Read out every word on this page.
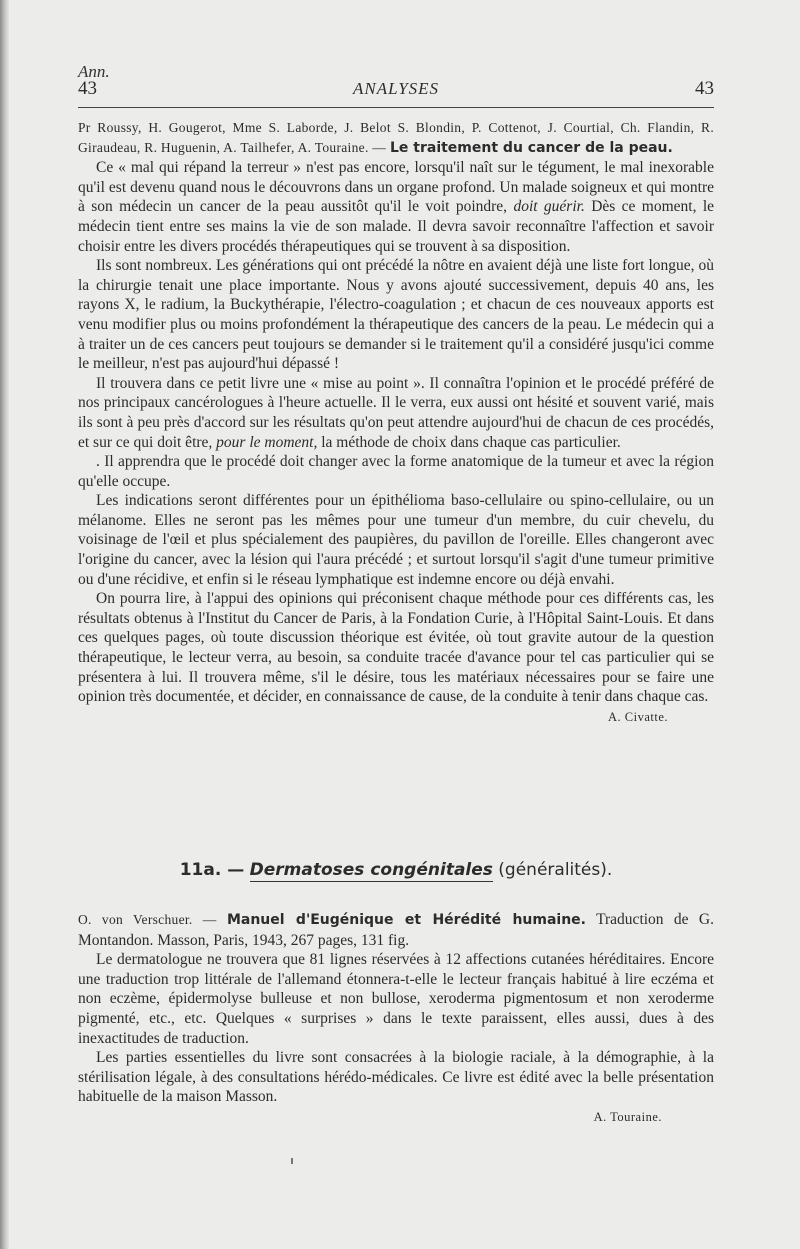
Ann.
43	ANALYSES	43

Pr Roussy, H. Gougerot, Mme S. Laborde, J. Belot S. Blondin, P. Cottenot, J. Courtial, Ch. Flandin, R. Giraudeau, R. Huguenin, A. Tailhefer, A. Touraine. — Le traitement du cancer de la peau.

Ce « mal qui répand la terreur » n'est pas encore, lorsqu'il naît sur le tégument, le mal inexorable qu'il est devenu quand nous le découvrons dans un organe profond. Un malade soigneux et qui montre à son médecin un cancer de la peau aussitôt qu'il le voit poindre, doit guérir. Dès ce moment, le médecin tient entre ses mains la vie de son malade. Il devra savoir reconnaître l'affection et savoir choisir entre les divers procédés thérapeutiques qui se trouvent à sa disposition.

Ils sont nombreux. Les générations qui ont précédé la nôtre en avaient déjà une liste fort longue, où la chirurgie tenait une place importante. Nous y avons ajouté successivement, depuis 40 ans, les rayons X, le radium, la Buckythérapie, l'électro-coagulation ; et chacun de ces nouveaux apports est venu modifier plus ou moins profondément la thérapeutique des cancers de la peau. Le médecin qui a à traiter un de ces cancers peut toujours se demander si le traitement qu'il a considéré jusqu'ici comme le meilleur, n'est pas aujourd'hui dépassé !

Il trouvera dans ce petit livre une « mise au point ». Il connaîtra l'opinion et le procédé préféré de nos principaux cancérologues à l'heure actuelle. Il le verra, eux aussi ont hésité et souvent varié, mais ils sont à peu près d'accord sur les résultats qu'on peut attendre aujourd'hui de chacun de ces procédés, et sur ce qui doit être, pour le moment, la méthode de choix dans chaque cas particulier.

. Il apprendra que le procédé doit changer avec la forme anatomique de la tumeur et avec la région qu'elle occupe.

Les indications seront différentes pour un épithélioma baso-cellulaire ou spino-cellulaire, ou un mélanome. Elles ne seront pas les mêmes pour une tumeur d'un membre, du cuir chevelu, du voisinage de l'œil et plus spécialement des paupières, du pavillon de l'oreille. Elles changeront avec l'origine du cancer, avec la lésion qui l'aura précédé ; et surtout lorsqu'il s'agit d'une tumeur primitive ou d'une récidive, et enfin si le réseau lymphatique est indemne encore ou déjà envahi.

On pourra lire, à l'appui des opinions qui préconisent chaque méthode pour ces différents cas, les résultats obtenus à l'Institut du Cancer de Paris, à la Fondation Curie, à l'Hôpital Saint-Louis. Et dans ces quelques pages, où toute discussion théorique est évitée, où tout gravite autour de la question thérapeutique, le lecteur verra, au besoin, sa conduite tracée d'avance pour tel cas particulier qui se présentera à lui. Il trouvera même, s'il le désire, tous les matériaux nécessaires pour se faire une opinion très documentée, et décider, en connaissance de cause, de la conduite à tenir dans chaque cas.

A. Civatte.

11a. — Dermatoses congénitales (généralités).

O. von Verschuer. — Manuel d'Eugénique et Hérédité humaine. Traduction de G. Montandon. Masson, Paris, 1943, 267 pages, 131 fig.

Le dermatologue ne trouvera que 81 lignes réservées à 12 affections cutanées héréditaires. Encore une traduction trop littérale de l'allemand étonnera-t-elle le lecteur français habitué à lire eczéma et non eczème, épidermolyse bulleuse et non bullose, xeroderma pigmentosum et non xeroderme pigmenté, etc., etc. Quelques « surprises » dans le texte paraissent, elles aussi, dues à des inexactitudes de traduction.

Les parties essentielles du livre sont consacrées à la biologie raciale, à la démographie, à la stérilisation légale, à des consultations hérédo-médicales. Ce livre est édité avec la belle présentation habituelle de la maison Masson.

A. Touraine.
